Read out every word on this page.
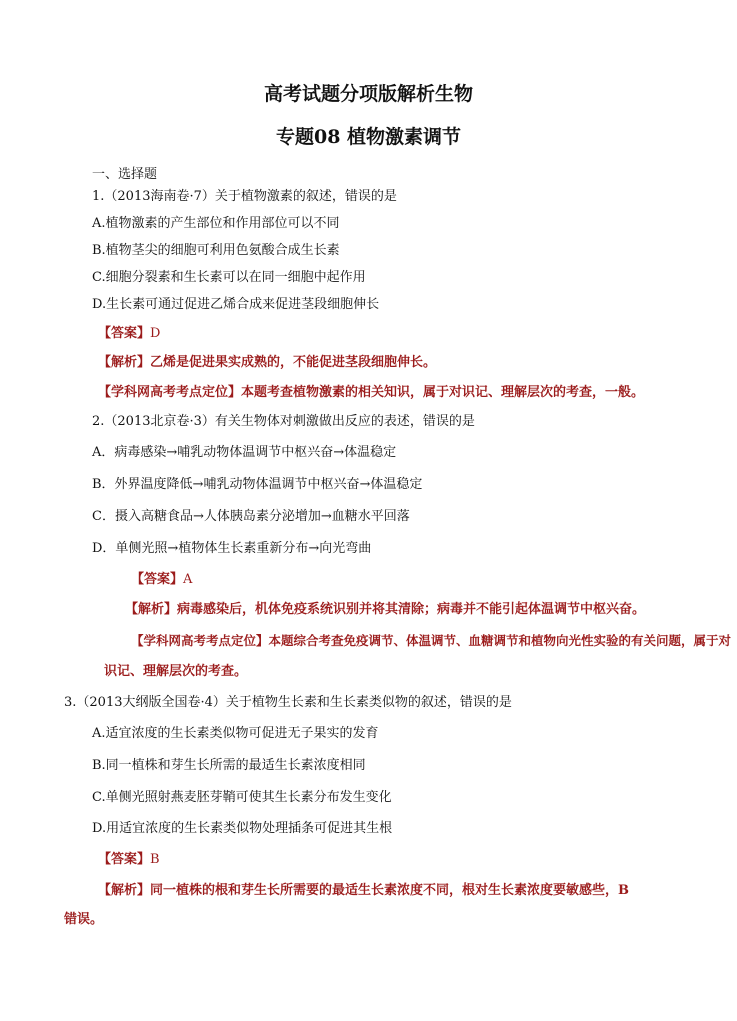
高考试题分项版解析生物
专题08 植物激素调节
一、选择题
1.（2013海南卷·7）关于植物激素的叙述，错误的是
A.植物激素的产生部位和作用部位可以不同
B.植物茎尖的细胞可利用色氨酸合成生长素
C.细胞分裂素和生长素可以在同一细胞中起作用
D.生长素可通过促进乙烯合成来促进茎段细胞伸长
【答案】D
【解析】乙烯是促进果实成熟的，不能促进茎段细胞伸长。
【学科网高考考点定位】本题考查植物激素的相关知识，属于对识记、理解层次的考查，一般。
2.（2013北京卷·3）有关生物体对刺激做出反应的表述，错误的是
A．病毒感染→哺乳动物体温调节中枢兴奋→体温稳定
B．外界温度降低→哺乳动物体温调节中枢兴奋→体温稳定
C．摄入高糖食品→人体胰岛素分泌增加→血糖水平回落
D．单侧光照→植物体生长素重新分布→向光弯曲
【答案】A
【解析】病毒感染后，机体免疫系统识别并将其清除；病毒并不能引起体温调节中枢兴奋。
【学科网高考考点定位】本题综合考查免疫调节、体温调节、血糖调节和植物向光性实验的有关问题，属于对
识记、理解层次的考查。
3.（2013大纲版全国卷·4）关于植物生长素和生长素类似物的叙述，错误的是
A.适宜浓度的生长素类似物可促进无子果实的发育
B.同一植株和芽生长所需的最适生长素浓度相同
C.单侧光照射燕麦胚芽鞘可使其生长素分布发生变化
D.用适宜浓度的生长素类似物处理插条可促进其生根
【答案】B
【解析】同一植株的根和芽生长所需要的最适生长素浓度不同，根对生长素浓度要敏感些，B
错误。
